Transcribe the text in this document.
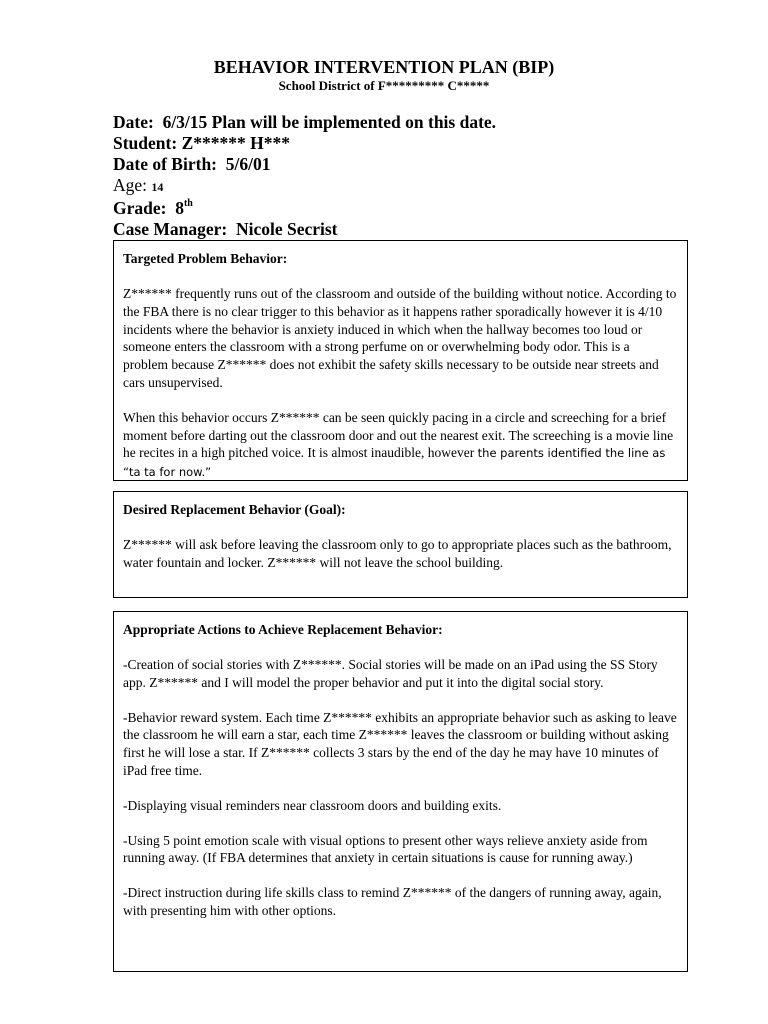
BEHAVIOR INTERVENTION PLAN (BIP)
School District of F********* C*****
Date: 6/3/15 Plan will be implemented on this date.
Student: Z****** H***
Date of Birth: 5/6/01
Age: 14
Grade: 8th
Case Manager: Nicole Secrist
Targeted Problem Behavior:

Z****** frequently runs out of the classroom and outside of the building without notice. According to the FBA there is no clear trigger to this behavior as it happens rather sporadically however it is 4/10 incidents where the behavior is anxiety induced in which when the hallway becomes too loud or someone enters the classroom with a strong perfume on or overwhelming body odor. This is a problem because Z****** does not exhibit the safety skills necessary to be outside near streets and cars unsupervised.

When this behavior occurs Z****** can be seen quickly pacing in a circle and screeching for a brief moment before darting out the classroom door and out the nearest exit. The screeching is a movie line he recites in a high pitched voice. It is almost inaudible, however the parents identified the line as “ta ta for now.”

Desired Replacement Behavior (Goal):

Z****** will ask before leaving the classroom only to go to appropriate places such as the bathroom, water fountain and locker. Z****** will not leave the school building.

Appropriate Actions to Achieve Replacement Behavior:

-Creation of social stories with Z******. Social stories will be made on an iPad using the SS Story app. Z****** and I will model the proper behavior and put it into the digital social story.

-Behavior reward system. Each time Z****** exhibits an appropriate behavior such as asking to leave the classroom he will earn a star, each time Z****** leaves the classroom or building without asking first he will lose a star. If Z****** collects 3 stars by the end of the day he may have 10 minutes of iPad free time.

-Displaying visual reminders near classroom doors and building exits.

-Using 5 point emotion scale with visual options to present other ways relieve anxiety aside from running away. (If FBA determines that anxiety in certain situations is cause for running away.)

-Direct instruction during life skills class to remind Z****** of the dangers of running away, again, with presenting him with other options.
